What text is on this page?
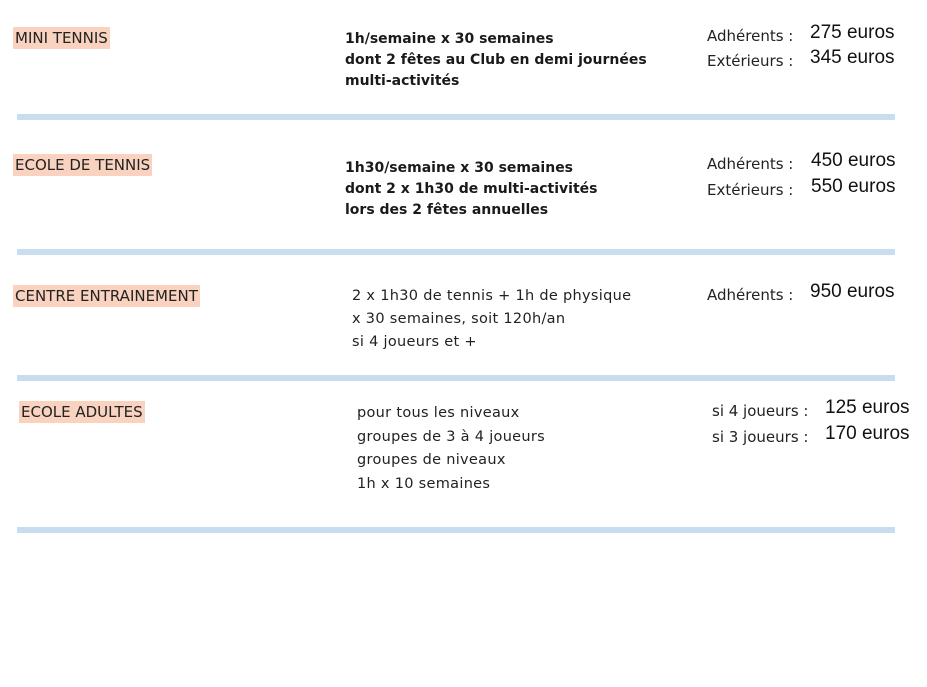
MINI TENNIS	1h/semaine x 30 semaines
dont 2 fêtes au Club en demi journées
multi-activités
Adhérents : 275 euros
Extérieurs : 345 euros
ECOLE DE TENNIS	1h30/semaine x 30 semaines
dont 2 x 1h30 de multi-activités
lors des 2 fêtes annuelles
Adhérents : 450 euros
Extérieurs : 550 euros
CENTRE ENTRAINEMENT	2 x 1h30 de tennis + 1h de physique
x 30 semaines, soit 120h/an
si 4 joueurs et +
Adhérents : 950 euros
ECOLE ADULTES	pour tous les niveaux
groupes de 3 à 4 joueurs
groupes de niveaux
1h x 10 semaines
si 4 joueurs : 125 euros
si 3 joueurs : 170 euros
